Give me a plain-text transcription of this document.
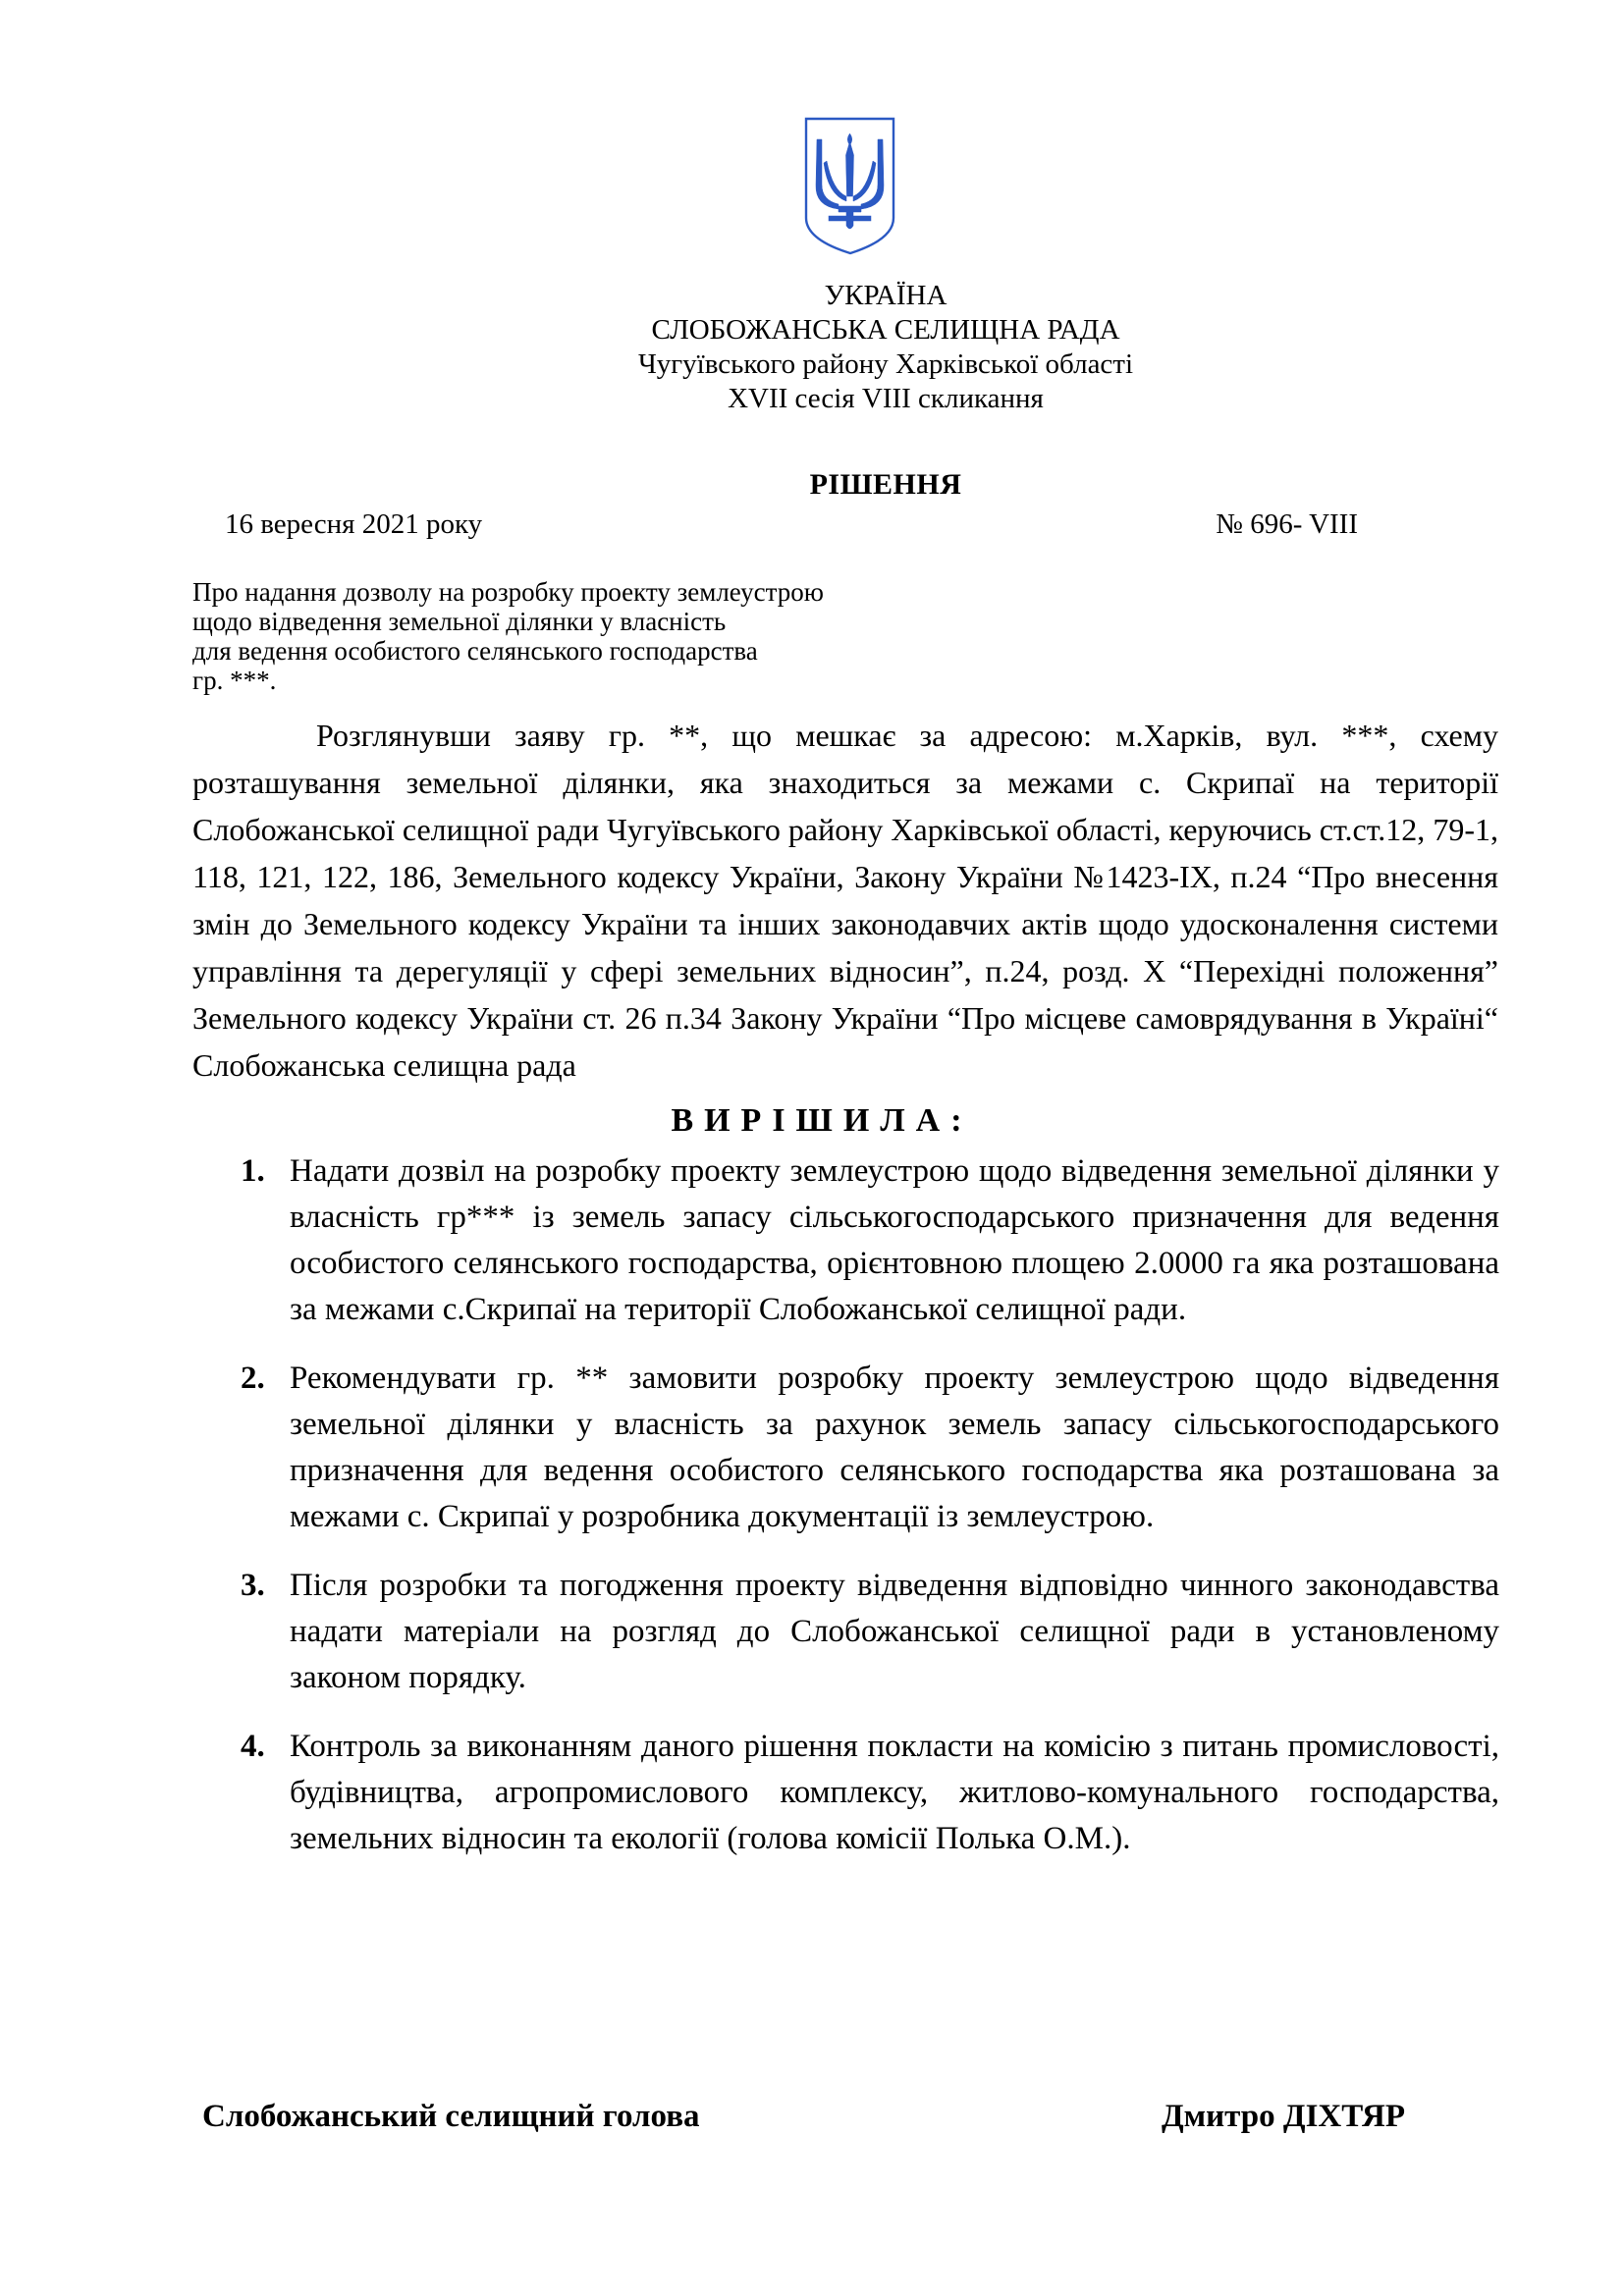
УКРАЇНА
СЛОБОЖАНСЬКА СЕЛИЩНА РАДА
Чугуївського району Харківської області
XVII сесія VIII скликання
РІШЕННЯ
16 вересня 2021 року	№ 696- VIII
Про надання дозволу на розробку проекту землеустрою
щодо відведення земельної ділянки у власність
для ведення особистого селянського господарства
гр. ***.
Розглянувши заяву гр. **, що мешкає за адресою: м.Харків, вул. ***, схему розташування земельної ділянки, яка знаходиться за межами с. Скрипаї на території Слобожанської селищної ради Чугуївського району Харківської області, керуючись ст.ст.12, 79-1, 118, 121, 122, 186, Земельного кодексу України, Закону України №1423-IX, п.24 “Про внесення змін до Земельного кодексу України та інших законодавчих актів щодо удосконалення системи управління та дерегуляції у сфері земельних відносин”, п.24, розд. X “Перехідні положення” Земельного кодексу України ст. 26 п.34 Закону України “Про місцеве самоврядування в Україні“ Слобожанська селищна рада
ВИРІШИЛА:
1. Надати дозвіл на розробку проекту землеустрою щодо відведення земельної ділянки у власність гр*** із земель запасу сільськогосподарського призначення для ведення особистого селянського господарства, орієнтовною площею 2.0000 га яка розташована за межами с.Скрипаї на території Слобожанської селищної ради.
2. Рекомендувати гр. ** замовити розробку проекту землеустрою щодо відведення земельної ділянки у власність за рахунок земель запасу сільськогосподарського призначення для ведення особистого селянського господарства яка розташована за межами с. Скрипаї у розробника документації із землеустрою.
3. Після розробки та погодження проекту відведення відповідно чинного законодавства надати матеріали на розгляд до Слобожанської селищної ради в установленому законом порядку.
4. Контроль за виконанням даного рішення покласти на комісію з питань промисловості, будівництва, агропромислового комплексу, житлово-комунального господарства, земельних відносин та екології (голова комісії Полька О.М.).
Слобожанський селищний голова	Дмитро ДІХТЯР
